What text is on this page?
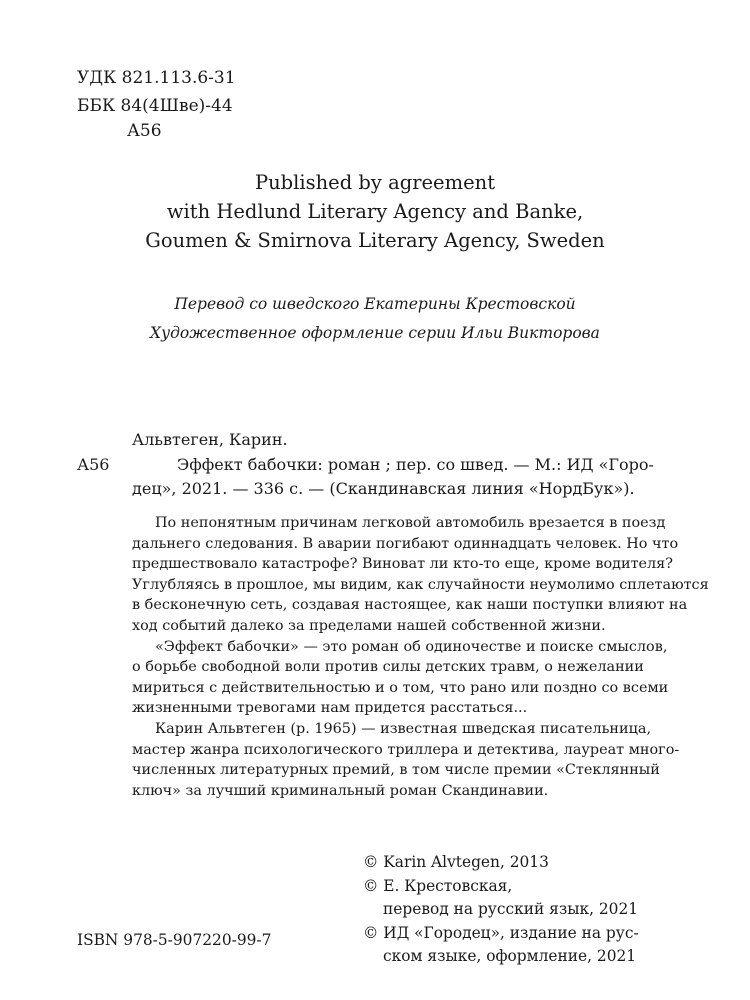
УДК 821.113.6-31
ББК 84(4Шве)-44
А56
Published by agreement
with Hedlund Literary Agency and Banke,
Goumen & Smirnova Literary Agency, Sweden
Перевод со шведского Екатерины Крестовской
Художественное оформление серии Ильи Викторова
Альвтеген, Карин.
А56	Эффект бабочки: роман ; пер. со швед. — М.: ИД «Горо-
дец», 2021. — 336 с. — (Скандинавская линия «НордБук»).
По непонятным причинам легковой автомобиль врезается в поезд
дальнего следования. В аварии погибают одиннадцать человек. Но что
предшествовало катастрофе? Виноват ли кто-то еще, кроме водителя?
Углубляясь в прошлое, мы видим, как случайности неумолимо сплетаются
в бесконечную сеть, создавая настоящее, как наши поступки влияют на
ход событий далеко за пределами нашей собственной жизни.
«Эффект бабочки» — это роман об одиночестве и поиске смыслов,
о борьбе свободной воли против силы детских травм, о нежелании
мириться с действительностью и о том, что рано или поздно со всеми
жизненными тревогами нам придется расстаться...
Карин Альвтеген (р. 1965) — известная шведская писательница,
мастер жанра психологического триллера и детектива, лауреат много-
численных литературных премий, в том числе премии «Стеклянный
ключ» за лучший криминальный роман Скандинавии.
© Karin Alvtegen, 2013
© Е. Крестовская,
перевод на русский язык, 2021
© ИД «Городец», издание на рус-
ском языке, оформление, 2021
ISBN 978-5-907220-99-7
